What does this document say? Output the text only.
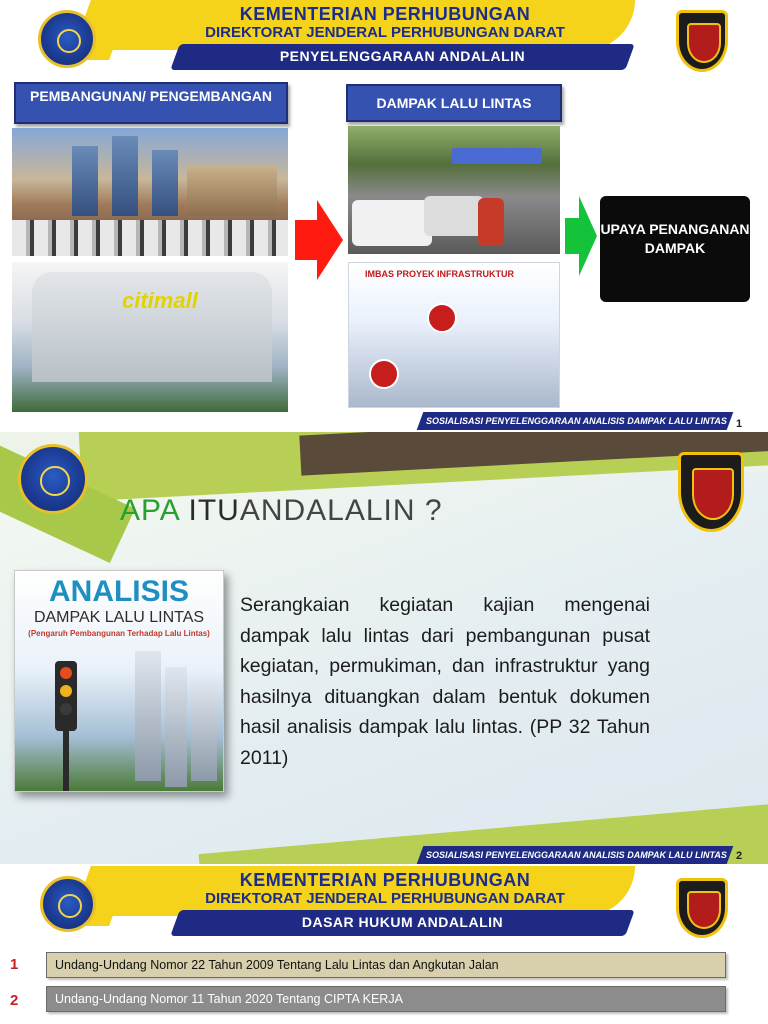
KEMENTERIAN PERHUBUNGAN
DIREKTORAT JENDERAL PERHUBUNGAN DARAT
PENYELENGGARAAN ANDALALIN
PEMBANGUNAN/ PENGEMBANGAN	DAMPAK LALU LINTAS
citimall
IMBAS PROYEK INFRASTRUKTUR
UPAYA PENANGANAN DAMPAK
SOSIALISASI PENYELENGGARAAN ANALISIS DAMPAK LALU LINTAS 1
APA ITUANDALALIN ?
ANALISIS
DAMPAK LALU LINTAS
(Pengaruh Pembangunan Terhadap Lalu Lintas)
Serangkaian kegiatan kajian mengenai dampak lalu lintas dari pembangunan pusat kegiatan, permukiman, dan infrastruktur yang hasilnya dituangkan dalam bentuk dokumen hasil analisis dampak lalu lintas. (PP 32 Tahun 2011)
SOSIALISASI PENYELENGGARAAN ANALISIS DAMPAK LALU LINTAS 2
KEMENTERIAN PERHUBUNGAN
DIREKTORAT JENDERAL PERHUBUNGAN DARAT
DASAR HUKUM ANDALALIN
1	Undang-Undang Nomor 22 Tahun 2009 Tentang Lalu Lintas dan Angkutan Jalan
2	Undang-Undang Nomor 11 Tahun 2020 Tentang CIPTA KERJA
